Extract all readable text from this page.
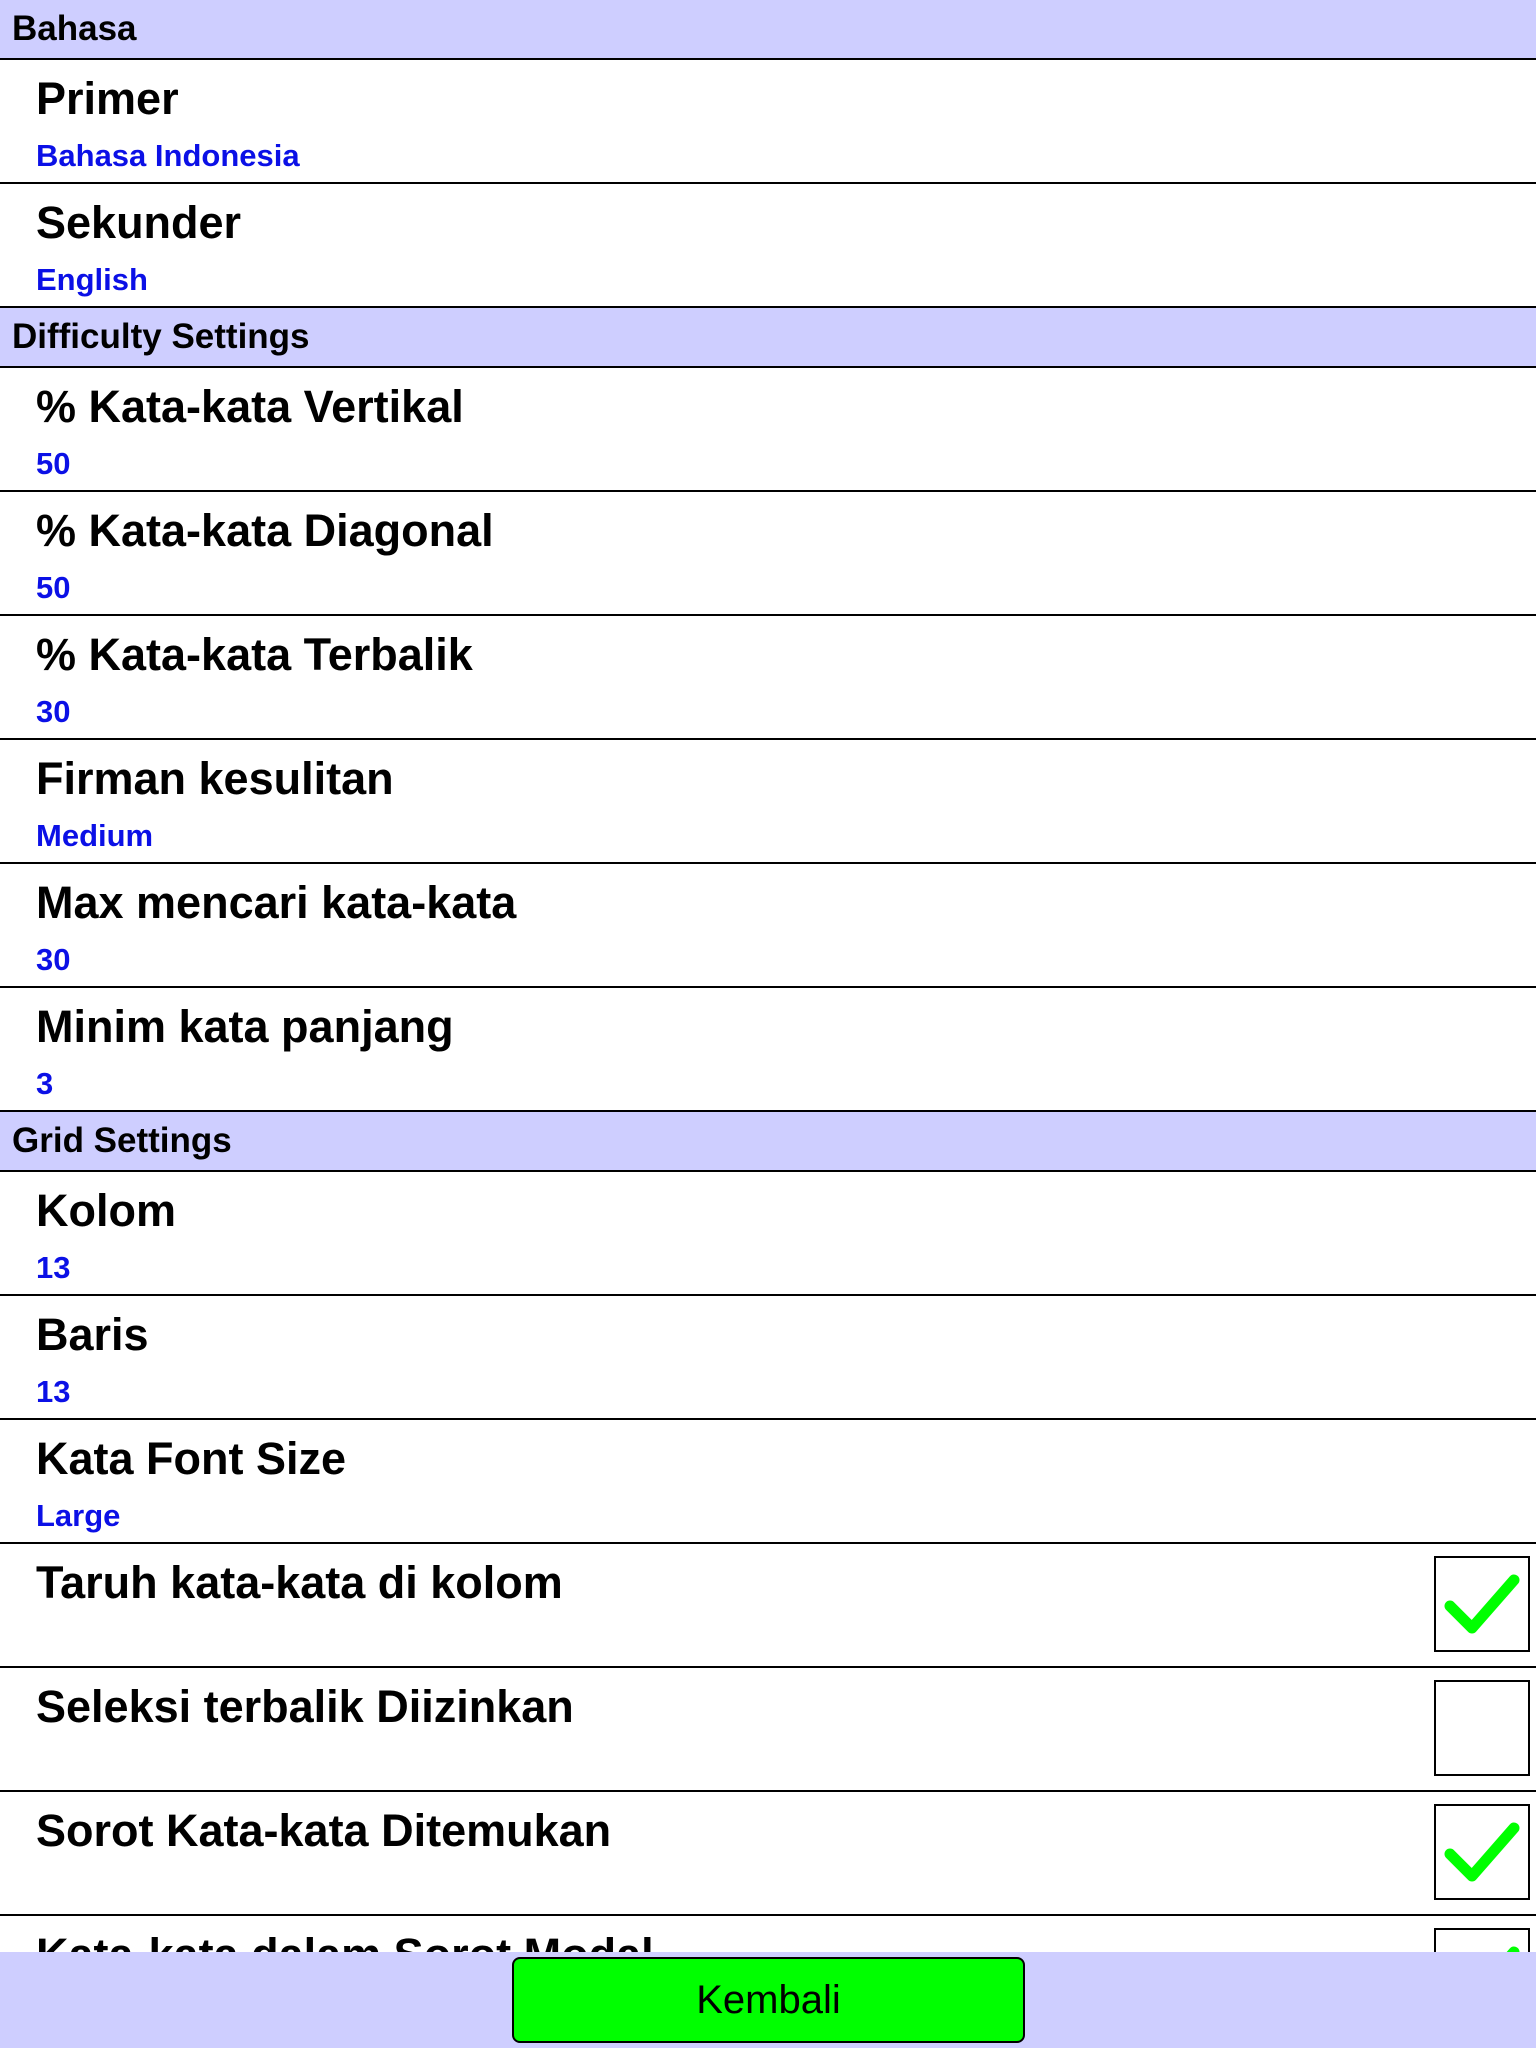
Bahasa
Primer
Bahasa Indonesia
Sekunder
English
Difficulty Settings
% Kata-kata Vertikal
50
% Kata-kata Diagonal
50
% Kata-kata Terbalik
30
Firman kesulitan
Medium
Max mencari kata-kata
30
Minim kata panjang
3
Grid Settings
Kolom
13
Baris
13
Kata Font Size
Large
Taruh kata-kata di kolom
Seleksi terbalik Diizinkan
Sorot Kata-kata Ditemukan
Kembali
